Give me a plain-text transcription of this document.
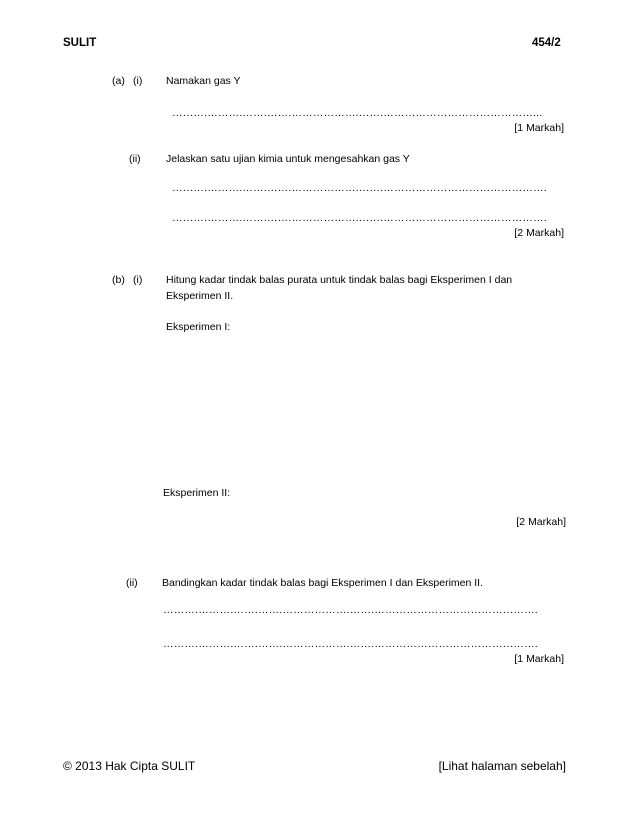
SULIT	454/2
(a) (i) Namakan gas Y
……….……….…….…….……………….…….……………………………………...
[1 Markah]
(ii) Jelaskan satu ujian kimia untuk mengesahkan gas Y
……….……….…….…….……………….…….……………………………………….
……….……….…….…….……………….…….……………………………………….
[2 Markah]
(b) (i) Hitung kadar tindak balas purata untuk tindak balas bagi Eksperimen I dan
Eksperimen II.
Eksperimen I:
Eksperimen II:
[2 Markah]
(ii) Bandingkan kadar tindak balas bagi Eksperimen I dan Eksperimen II.
……….……….…….…….……………….…….……………………………………….
……….……….…….…….……………….…….……………………………………….
[1 Markah]
© 2013 Hak Cipta SULIT	[Lihat halaman sebelah]
